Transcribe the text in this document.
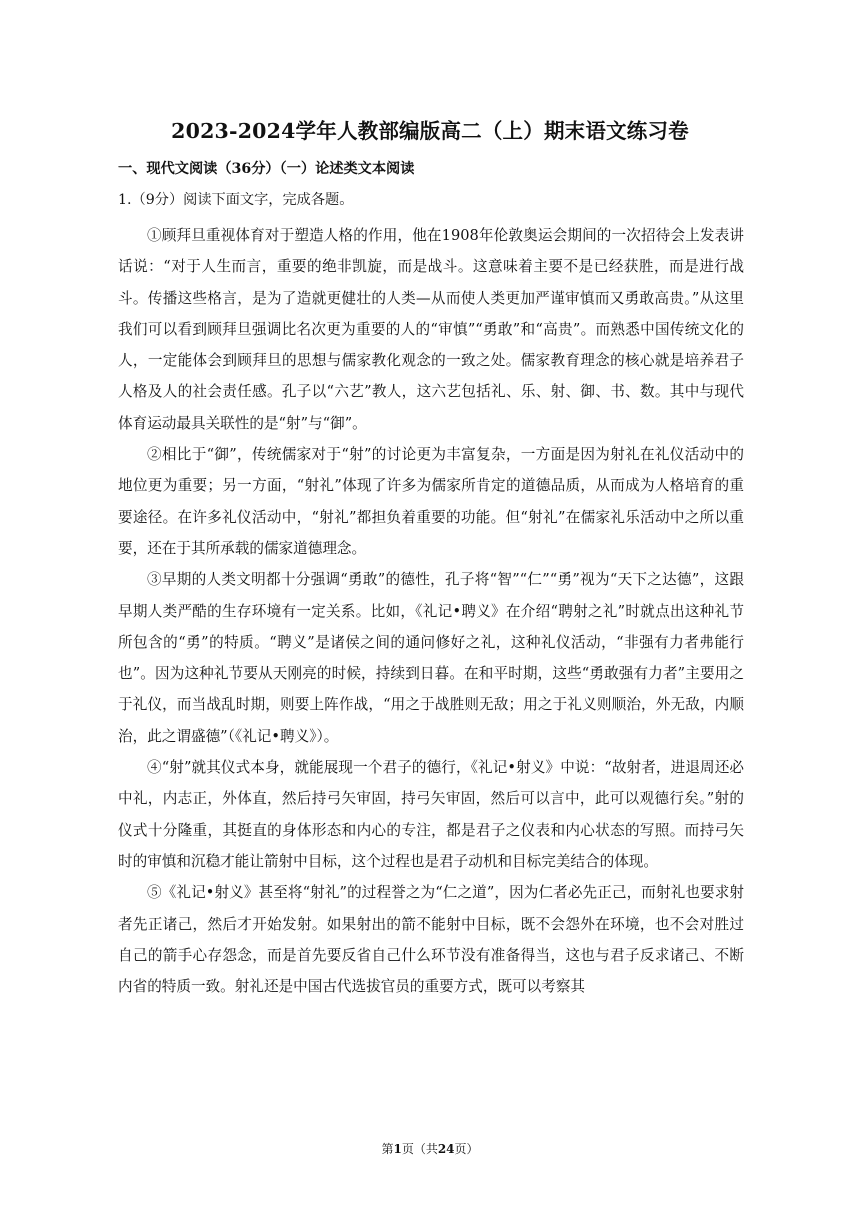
2023-2024学年人教部编版高二（上）期末语文练习卷
一、现代文阅读（36分）（一）论述类文本阅读
1.（9分）阅读下面文字，完成各题。

①顾拜旦重视体育对于塑造人格的作用，他在1908年伦敦奥运会期间的一次招待会上发表讲话说：“对于人生而言，重要的绝非凯旋，而是战斗。这意味着主要不是已经获胜，而是进行战斗。传播这些格言，是为了造就更健壮的人类—从而使人类更加严谨审慎而又勇敢高贵。”从这里我们可以看到顾拜旦强调比名次更为重要的人的“审慎”“勇敢”和“高贵”。而熟悉中国传统文化的人，一定能体会到顾拜旦的思想与儒家教化观念的一致之处。儒家教育理念的核心就是培养君子人格及人的社会责任感。孔子以“六艺”教人，这六艺包括礼、乐、射、御、书、数。其中与现代体育运动最具关联性的是“射”与“御”。

②相比于“御”，传统儒家对于“射”的讨论更为丰富复杂，一方面是因为射礼在礼仪活动中的地位更为重要；另一方面，“射礼”体现了许多为儒家所肯定的道德品质，从而成为人格培育的重要途径。在许多礼仪活动中，“射礼”都担负着重要的功能。但“射礼”在儒家礼乐活动中之所以重要，还在于其所承载的儒家道德理念。

③早期的人类文明都十分强调“勇敢”的德性，孔子将“智”“仁”“勇”视为“天下之达德”，这跟早期人类严酷的生存环境有一定关系。比如，《礼记•聘义》在介绍“聘射之礼”时就点出这种礼节所包含的“勇”的特质。“聘义”是诸侯之间的通问修好之礼，这种礼仪活动，“非强有力者弗能行也”。因为这种礼节要从天刚亮的时候，持续到日暮。在和平时期，这些“勇敢强有力者”主要用之于礼仪，而当战乱时期，则要上阵作战，“用之于战胜则无敌；用之于礼义则顺治，外无敌，内顺治，此之谓盛德”（《礼记•聘义》）。

④“射”就其仪式本身，就能展现一个君子的德行，《礼记•射义》中说：“故射者，进退周还必中礼，内志正，外体直，然后持弓矢审固，持弓矢审固，然后可以言中，此可以观德行矣。”射的仪式十分隆重，其挺直的身体形态和内心的专注，都是君子之仪表和内心状态的写照。而持弓矢时的审慎和沉稳才能让箭射中目标，这个过程也是君子动机和目标完美结合的体现。

⑤《礼记•射义》甚至将“射礼”的过程誉之为“仁之道”，因为仁者必先正己，而射礼也要求射者先正诸己，然后才开始发射。如果射出的箭不能射中目标，既不会怨外在环境，也不会对胜过自己的箭手心存怨念，而是首先要反省自己什么环节没有准备得当，这也与君子反求诸己、不断内省的特质一致。射礼还是中国古代选拔官员的重要方式，既可以考察其

第1页（共24页）
